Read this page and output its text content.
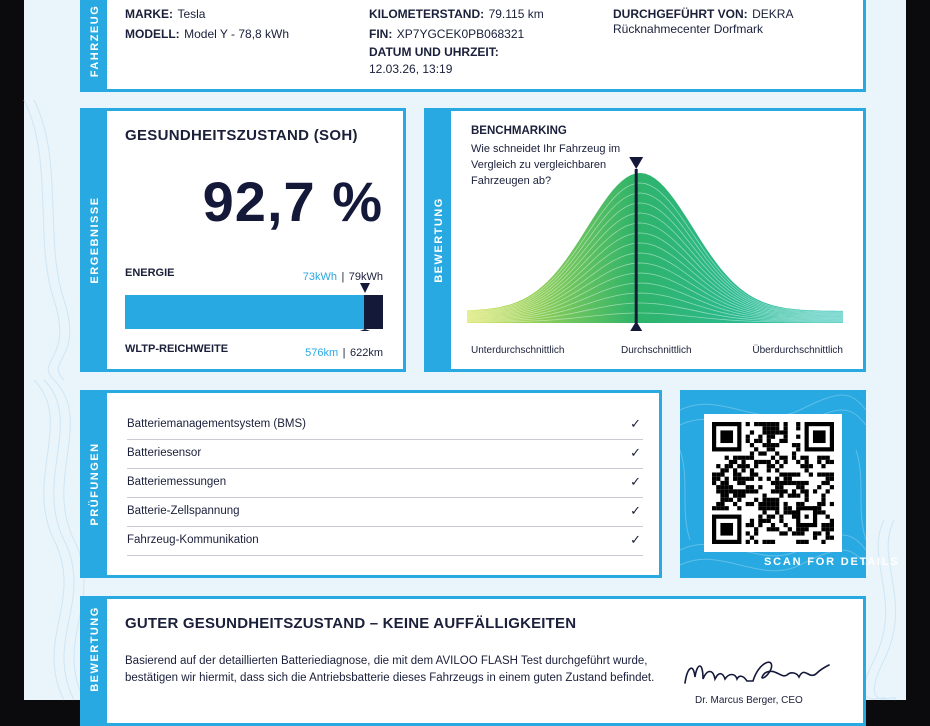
FAHRZEUG MARKE: Tesla
MODELL: Model Y - 78,8 kWh
KILOMETERSTAND: 79.115 km
FIN: XP7YGCEK0PB068321
DATUM UND UHRZEIT:
12.03.26, 13:19
DURCHGEFÜHRT VON: DEKRA
Rücknahmecenter Dorfmark
ERGEBNISSE
GESUNDHEITSZUSTAND (SOH)
92,7 %
ENERGIE	73kWh | 79kWh
WLTP-REICHWEITE	576km | 622km
BEWERTUNG
BENCHMARKING
Wie schneidet Ihr Fahrzeug im Vergleich zu vergleichbaren Fahrzeugen ab?
Unterdurchschnittlich	Durchschnittlich	Überdurchschnittlich
PRÜFUNGEN
Batteriemanagementsystem (BMS)	✓
Batteriesensor	✓
Batteriemessungen	✓
Batterie-Zellspannung	✓
Fahrzeug-Kommunikation	✓
SCAN FOR DETAILS
BEWERTUNG GUTER GESUNDHEITSZUSTAND – KEINE AUFFÄLLIGKEITEN
Basierend auf der detaillierten Batteriediagnose, die mit dem AVILOO FLASH Test durchgeführt wurde, bestätigen wir hiermit, dass sich die Antriebsbatterie dieses Fahrzeugs in einem guten Zustand befindet.
Dr. Marcus Berger, CEO
